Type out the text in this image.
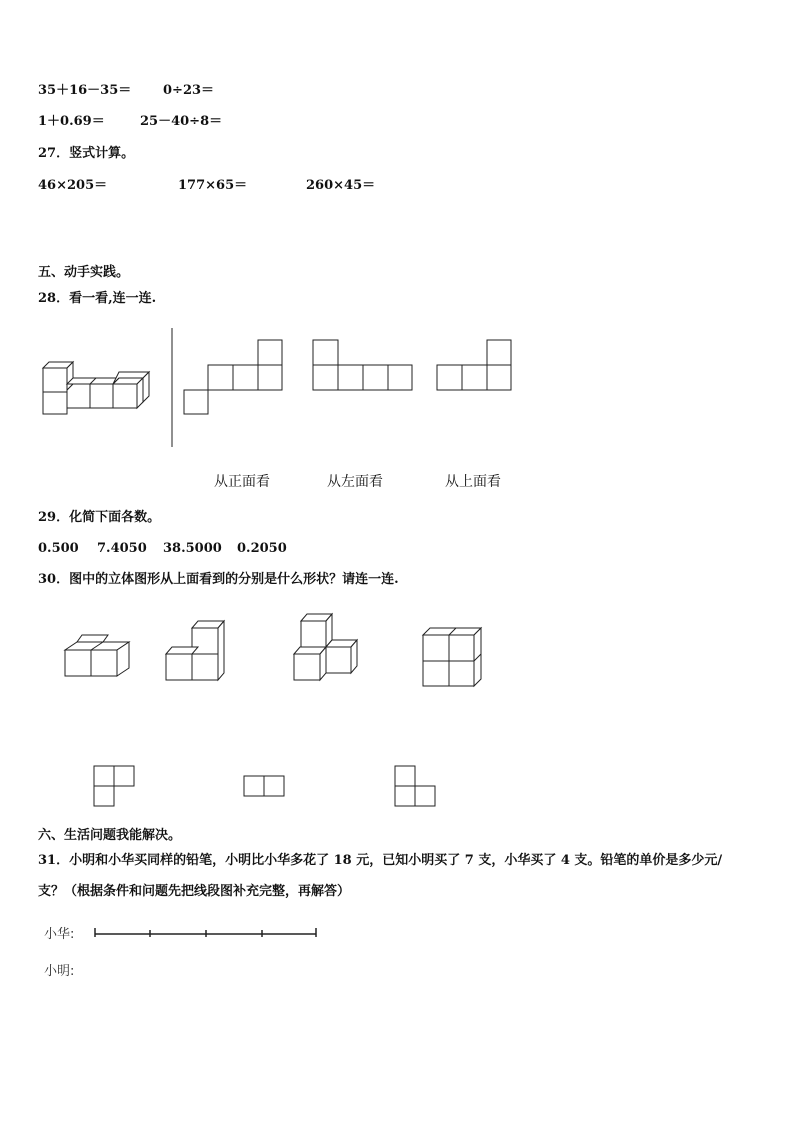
35＋16－35＝ 0÷23＝
1＋0.69＝	25－40÷8＝
27．竖式计算。
46×205＝	177×65＝	260×45＝
五、动手实践。
28．看一看,连一连.
从正面看	从左面看	从上面看
29．化简下面各数。
0.500 7.4050 38.5000 0.2050
30．图中的立体图形从上面看到的分别是什么形状？请连一连.
六、生活问题我能解决。
31．小明和小华买同样的铅笔，小明比小华多花了 18 元，已知小明买了 7 支，小华买了 4 支。铅笔的单价是多少元/
支？（根据条件和问题先把线段图补充完整，再解答）
小华:
小明:
